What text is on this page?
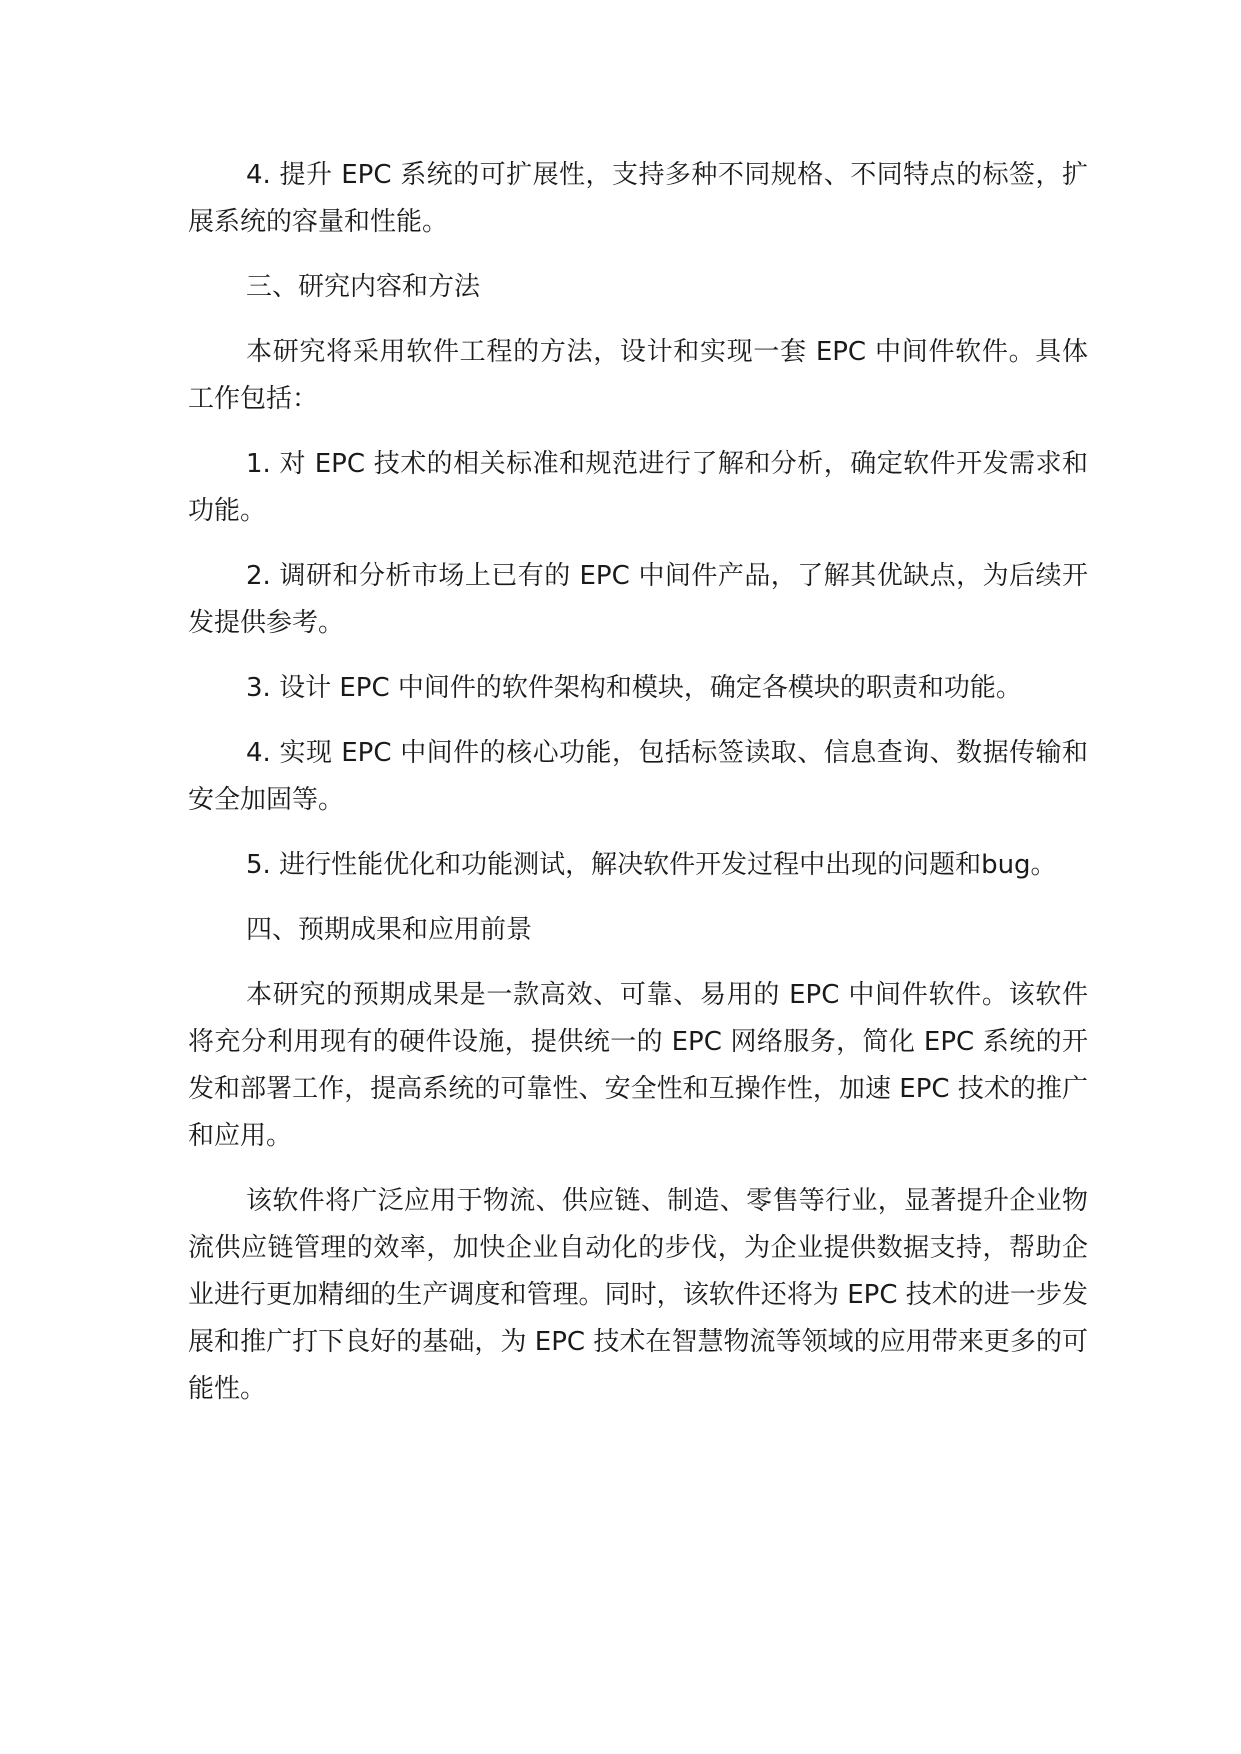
4. 提升 EPC 系统的可扩展性，支持多种不同规格、不同特点的标签，扩展系统的容量和性能。

三、研究内容和方法

本研究将采用软件工程的方法，设计和实现一套 EPC 中间件软件。具体工作包括：

1. 对 EPC 技术的相关标准和规范进行了解和分析，确定软件开发需求和功能。

2. 调研和分析市场上已有的 EPC 中间件产品，了解其优缺点，为后续开发提供参考。

3. 设计 EPC 中间件的软件架构和模块，确定各模块的职责和功能。

4. 实现 EPC 中间件的核心功能，包括标签读取、信息查询、数据传输和安全加固等。

5. 进行性能优化和功能测试，解决软件开发过程中出现的问题和bug。

四、预期成果和应用前景

本研究的预期成果是一款高效、可靠、易用的 EPC 中间件软件。该软件将充分利用现有的硬件设施，提供统一的 EPC 网络服务，简化 EPC 系统的开发和部署工作，提高系统的可靠性、安全性和互操作性，加速 EPC 技术的推广和应用。

该软件将广泛应用于物流、供应链、制造、零售等行业，显著提升企业物流供应链管理的效率，加快企业自动化的步伐，为企业提供数据支持，帮助企业进行更加精细的生产调度和管理。同时，该软件还将为 EPC 技术的进一步发展和推广打下良好的基础，为 EPC 技术在智慧物流等领域的应用带来更多的可能性。
